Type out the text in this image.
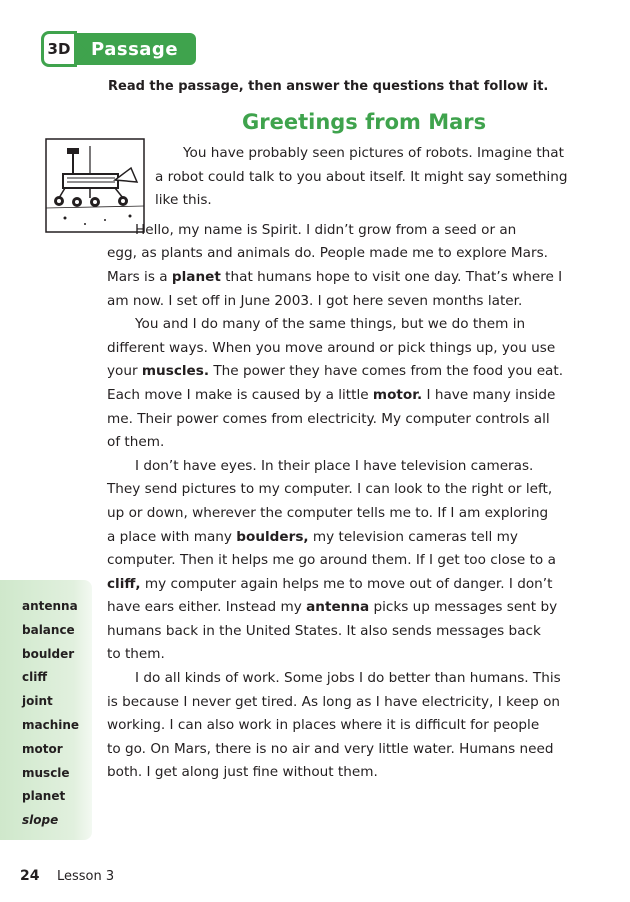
3D	Passage
Read the passage, then answer the questions that follow it.
Greetings from Mars
You have probably seen pictures of robots. Imagine that
a robot could talk to you about itself. It might say something
like this.
Hello, my name is Spirit. I didn’t grow from a seed or an
egg, as plants and animals do. People made me to explore Mars.
Mars is a planet that humans hope to visit one day. That’s where I
am now. I set off in June 2003. I got here seven months later.
You and I do many of the same things, but we do them in
different ways. When you move around or pick things up, you use
your muscles. The power they have comes from the food you eat.
Each move I make is caused by a little motor. I have many inside
me. Their power comes from electricity. My computer controls all
of them.
I don’t have eyes. In their place I have television cameras.
They send pictures to my computer. I can look to the right or left,
up or down, wherever the computer tells me to. If I am exploring
a place with many boulders, my television cameras tell my
computer. Then it helps me go around them. If I get too close to a
cliff, my computer again helps me to move out of danger. I don’t
have ears either. Instead my antenna picks up messages sent by
humans back in the United States. It also sends messages back
to them.
I do all kinds of work. Some jobs I do better than humans. This
is because I never get tired. As long as I have electricity, I keep on
working. I can also work in places where it is difficult for people
to go. On Mars, there is no air and very little water. Humans need
both. I get along just fine without them.
antenna
balance
boulder
cliff
joint
machine
motor
muscle
planet
slope
24 Lesson 3
